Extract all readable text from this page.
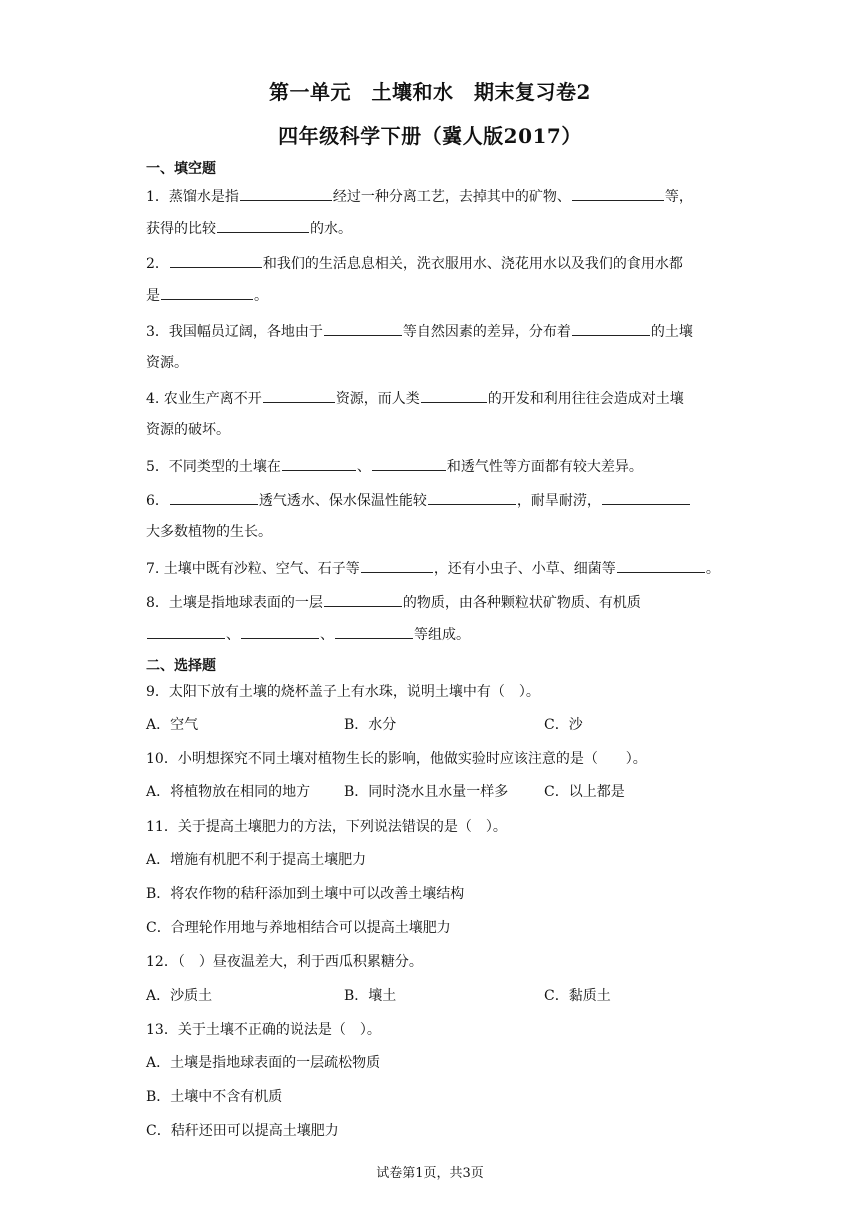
第一单元　土壤和水　期末复习卷2
四年级科学下册（冀人版2017）
一、填空题
1．蒸馏水是指	经过一种分离工艺，去掉其中的矿物、	等，
获得的比较	的水。
2．	和我们的生活息息相关，洗衣服用水、浇花用水以及我们的食用水都
是	。
3．我国幅员辽阔，各地由于	等自然因素的差异，分布着	的土壤
资源。
4. 农业生产离不开	资源，而人类	的开发和利用往往会造成对土壤
资源的破坏。
5．不同类型的土壤在	、	和透气性等方面都有较大差异。
6．	透气透水、保水保温性能较	，耐旱耐涝，
大多数植物的生长。
7. 土壤中既有沙粒、空气、石子等	，还有小虫子、小草、细菌等	。
8．土壤是指地球表面的一层	的物质，由各种颗粒状矿物质、有机质
、	、	等组成。
二、选择题
9．太阳下放有土壤的烧杯盖子上有水珠，说明土壤中有（　）。
A．空气	B．水分	C．沙
10．小明想探究不同土壤对植物生长的影响，他做实验时应该注意的是（　　）。
A．将植物放在相同的地方 B．同时浇水且水量一样多	C．以上都是
11．关于提高土壤肥力的方法，下列说法错误的是（　）。
A．增施有机肥不利于提高土壤肥力
B．将农作物的秸秆添加到土壤中可以改善土壤结构
C．合理轮作用地与养地相结合可以提高土壤肥力
12．（　）昼夜温差大，利于西瓜积累糖分。
A．沙质土	B．壤土	C．黏质土
13．关于土壤不正确的说法是（　）。
A．土壤是指地球表面的一层疏松物质
B．土壤中不含有机质
C．秸秆还田可以提高土壤肥力
试卷第1页，共3页
